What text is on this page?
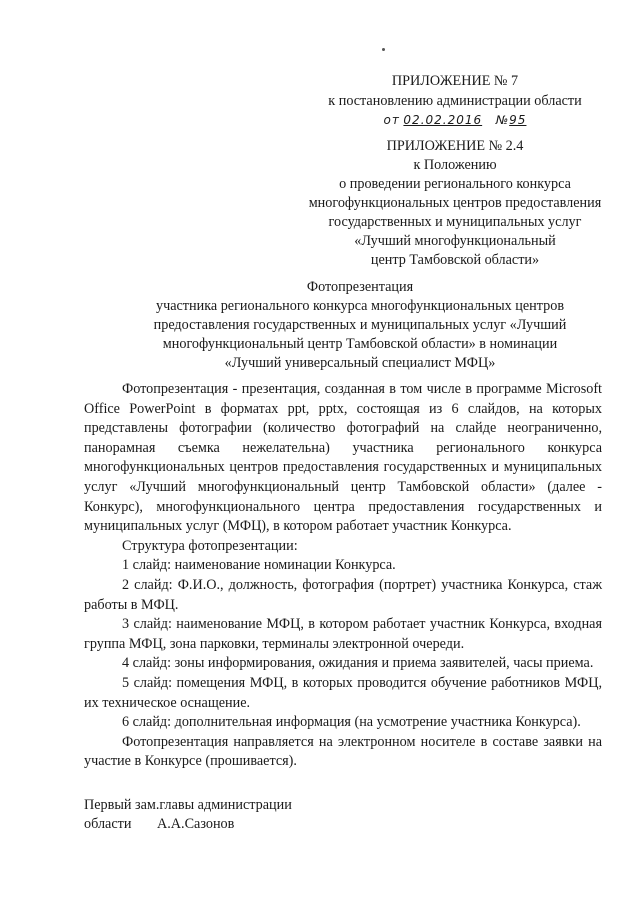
ПРИЛОЖЕНИЕ № 7
к постановлению администрации области
от 02.02.2016 №95
ПРИЛОЖЕНИЕ № 2.4
к Положению
о проведении регионального конкурса
многофункциональных центров предоставления
государственных и муниципальных услуг
«Лучший многофункциональный
центр Тамбовской области»
Фотопрезентация
участника регионального конкурса многофункциональных центров
предоставления государственных и муниципальных услуг «Лучший
многофункциональный центр Тамбовской области» в номинации
«Лучший универсальный специалист МФЦ»

Фотопрезентация - презентация, созданная в том числе в программе Microsoft Office PowerPoint в форматах ppt, pptx, состоящая из 6 слайдов, на которых представлены фотографии (количество фотографий на слайде неограниченно, панорамная съемка нежелательна) участника регионального конкурса многофункциональных центров предоставления государственных и муниципальных услуг «Лучший многофункциональный центр Тамбовской области» (далее - Конкурс), многофункционального центра предоставления государственных и муниципальных услуг (МФЦ), в котором работает участник Конкурса.

Структура фотопрезентации:

1 слайд: наименование номинации Конкурса.

2 слайд: Ф.И.О., должность, фотография (портрет) участника Конкурса, стаж работы в МФЦ.

3 слайд: наименование МФЦ, в котором работает участник Конкурса, входная группа МФЦ, зона парковки, терминалы электронной очереди.

4 слайд: зоны информирования, ожидания и приема заявителей, часы приема.

5 слайд: помещения МФЦ, в которых проводится обучение работников МФЦ, их техническое оснащение.

6 слайд: дополнительная информация (на усмотрение участника Конкурса).

Фотопрезентация направляется на электронном носителе в составе заявки на участие в Конкурсе (прошивается).

Первый зам.главы администрации
области А.А.Сазонов
